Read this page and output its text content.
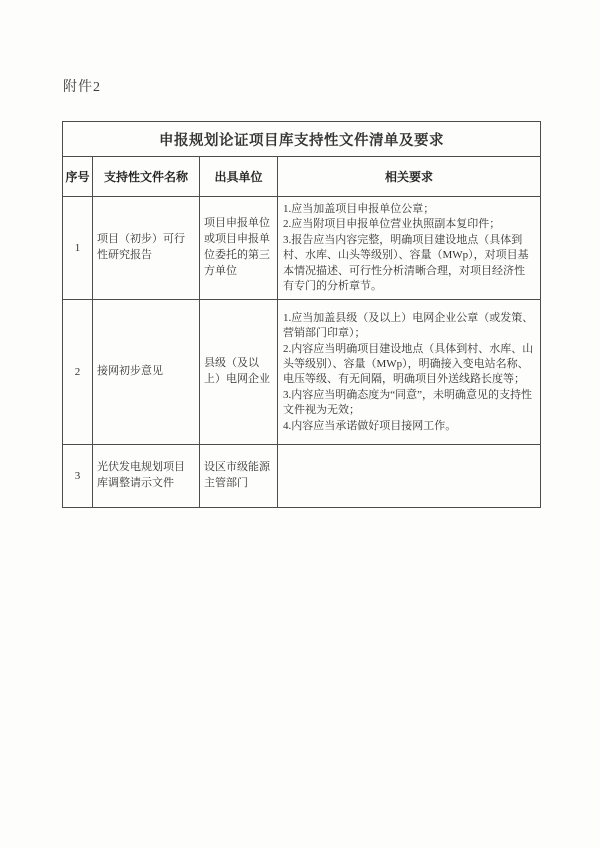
附件2
申报规划论证项目库支持性文件清单及要求			
序号	支持性文件名称	出具单位	相关要求
1	项目（初步）可行性研究报告	项目申报单位或项目申报单位委托的第三方单位	1.应当加盖项目申报单位公章；

2.应当附项目申报单位营业执照副本复印件；

3.报告应当内容完整，明确项目建设地点（具体到村、水库、山头等级别）、容量（MWp），对项目基本情况描述、可行性分析清晰合理，对项目经济性有专门的分析章节。

2	接网初步意见	县级（及以上）电网企业	1.应当加盖县级（及以上）电网企业公章（或发策、营销部门印章）；

2.内容应当明确项目建设地点（具体到村、水库、山头等级别）、容量（MWp），明确接入变电站名称、电压等级、有无间隔，明确项目外送线路长度等；

3.内容应当明确态度为“同意”，未明确意见的支持性文件视为无效；

4.内容应当承诺做好项目接网工作。

3	光伏发电规划项目库调整请示文件	设区市级能源主管部门	
